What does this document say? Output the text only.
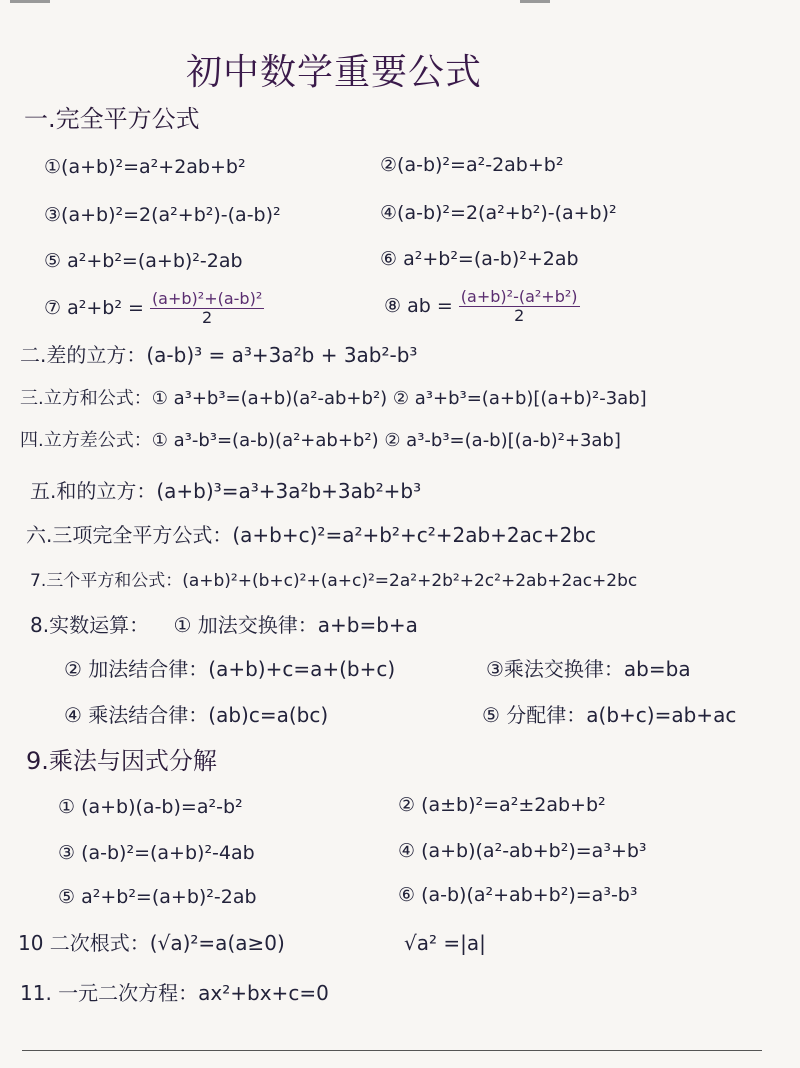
初中数学重要公式
一.完全平方公式
①(a+b)²=a²+2ab+b²	②(a-b)²=a²-2ab+b²
③(a+b)²=2(a²+b²)-(a-b)²	④(a-b)²=2(a²+b²)-(a+b)²
⑤ a²+b²=(a+b)²-2ab	⑥ a²+b²=(a-b)²+2ab
⑦ $a^2+b^2 = \frac{\text{(a+b)²+(a-b)²}}{2}$	⑧ ab = $\frac{\text{(a+b)²-(a²+b²)}}{2}$
二.差的立方：(a-b)³ = a³+3a²b + 3ab²-b³
三.立方和公式：① a³+b³=(a+b)(a²-ab+b²) ② a³+b³=(a+b)[(a+b)²-3ab]
四.立方差公式：① a³-b³=(a-b)(a²+ab+b²) ② a³-b³=(a-b)[(a-b)²+3ab]
五.和的立方：(a+b)³=a³+3a²b+3ab²+b³
六.三项完全平方公式：(a+b+c)²=a²+b²+c²+2ab+2ac+2bc
7.三个平方和公式：(a+b)²+(b+c)²+(a+c)²=2a²+2b²+2c²+2ab+2ac+2bc
8.实数运算： ① 加法交换律：a+b=b+a
② 加法结合律：(a+b)+c=a+(b+c)	③乘法交换律：ab=ba
④ 乘法结合律：(ab)c=a(bc)	⑤ 分配律：a(b+c)=ab+ac
9.乘法与因式分解
① (a+b)(a-b)=a²-b²	② (a±b)²=a²±2ab+b²
③ (a-b)²=(a+b)²-4ab	④ (a+b)(a²-ab+b²)=a³+b³
⑤ a²+b²=(a+b)²-2ab	⑥ (a-b)(a²+ab+b²)=a³-b³
10 二次根式：(√a)²=a(a≥0)	√a² =|a|
11. 一元二次方程：ax²+bx+c=0
